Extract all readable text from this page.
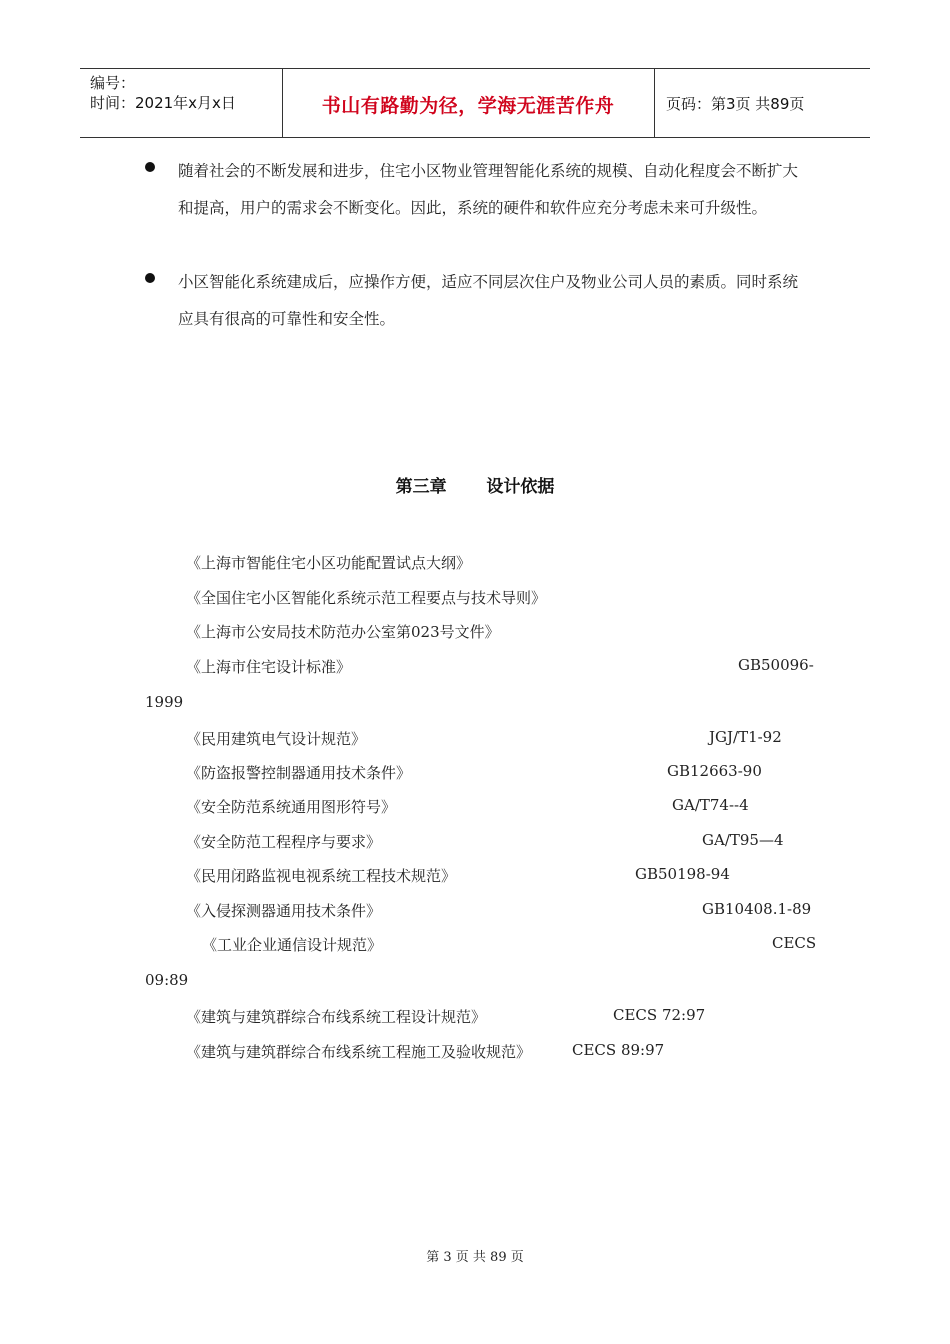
编号：
时间：2021年x月x日	书山有路勤为径，学海无涯苦作舟	页码：第3页 共89页
随着社会的不断发展和进步，住宅小区物业管理智能化系统的规模、自动化程度会不断扩大和提高，用户的需求会不断变化。因此，系统的硬件和软件应充分考虑未来可升级性。
小区智能化系统建成后，应操作方便，适应不同层次住户及物业公司人员的素质。同时系统应具有很高的可靠性和安全性。
第三章 设计依据
《上海市智能住宅小区功能配置试点大纲》
《全国住宅小区智能化系统示范工程要点与技术导则》
《上海市公安局技术防范办公室第023号文件》
《上海市住宅设计标准》	GB50096-
1999
《民用建筑电气设计规范》	JGJ/T1-92
《防盗报警控制器通用技术条件》	GB12663-90
《安全防范系统通用图形符号》	GA/T74--4
《安全防范工程程序与要求》	GA/T95—4
《民用闭路监视电视系统工程技术规范》	GB50198-94
《入侵探测器通用技术条件》	GB10408.1-89
《工业企业通信设计规范》	CECS
09:89
《建筑与建筑群综合布线系统工程设计规范》	CECS 72:97
《建筑与建筑群综合布线系统工程施工及验收规范》	CECS 89:97
第 3 页 共 89 页
